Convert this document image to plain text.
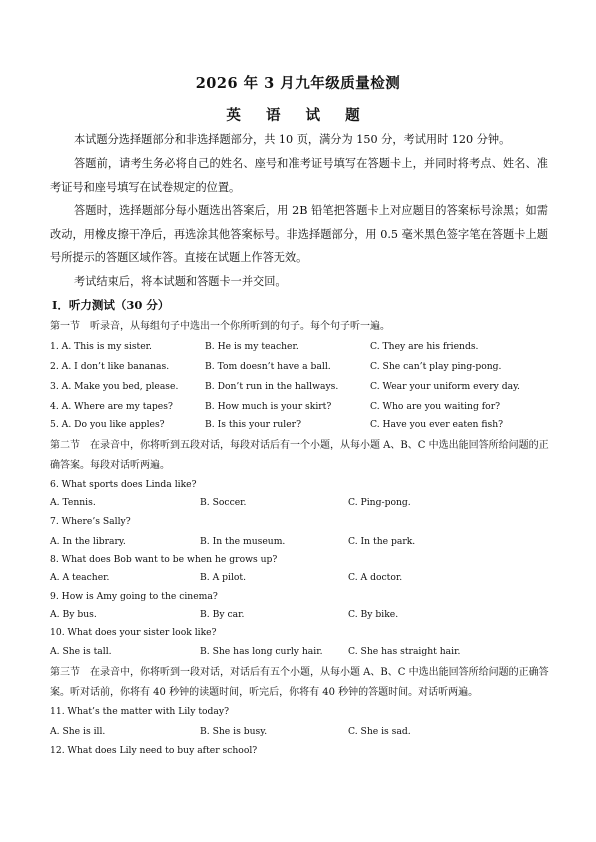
2026 年 3 月九年级质量检测
英 语 试 题
本试题分选择题部分和非选择题部分，共 10 页，满分为 150 分，考试用时 120 分钟。
答题前，请考生务必将自己的姓名、座号和准考证号填写在答题卡上，并同时将考点、姓名、准考证号和座号填写在试卷规定的位置。
答题时，选择题部分每小题选出答案后，用 2B 铅笔把答题卡上对应题目的答案标号涂黑；如需改动，用橡皮擦干净后，再选涂其他答案标号。非选择题部分，用 0.5 毫米黑色签字笔在答题卡上题号所提示的答题区域作答。直接在试题上作答无效。
考试结束后，将本试题和答题卡一并交回。
Ⅰ．听力测试（30 分）
第一节　听录音，从每组句子中选出一个你所听到的句子。每个句子听一遍。
1. A. This is my sister.	B. He is my teacher.	C. They are his friends.
2. A. I don’t like bananas.	B. Tom doesn’t have a ball.	C. She can’t play ping-pong.
3. A. Make you bed, please.	B. Don’t run in the hallways.	C. Wear your uniform every day.
4. A. Where are my tapes?	B. How much is your skirt?	C. Who are you waiting for?
5. A. Do you like apples?	B. Is this your ruler?	C. Have you ever eaten fish?
第二节　在录音中，你将听到五段对话，每段对话后有一个小题，从每小题 A、B、C 中选出能回答所给问题的正确答案。每段对话听两遍。
6. What sports does Linda like?
A. Tennis.	B. Soccer.	C. Ping-pong.
7. Where’s Sally?
A. In the library.	B. In the museum.	C. In the park.
8. What does Bob want to be when he grows up?
A. A teacher.	B. A pilot.	C. A doctor.
9. How is Amy going to the cinema?
A. By bus.	B. By car.	C. By bike.
10. What does your sister look like?
A. She is tall.	B. She has long curly hair.	C. She has straight hair.
第三节　在录音中，你将听到一段对话，对话后有五个小题，从每小题 A、B、C 中选出能回答所给问题的正确答案。听对话前，你将有 40 秒钟的读题时间，听完后，你将有 40 秒钟的答题时间。对话听两遍。
11. What’s the matter with Lily today?
A. She is ill.	B. She is busy.	C. She is sad.
12. What does Lily need to buy after school?
